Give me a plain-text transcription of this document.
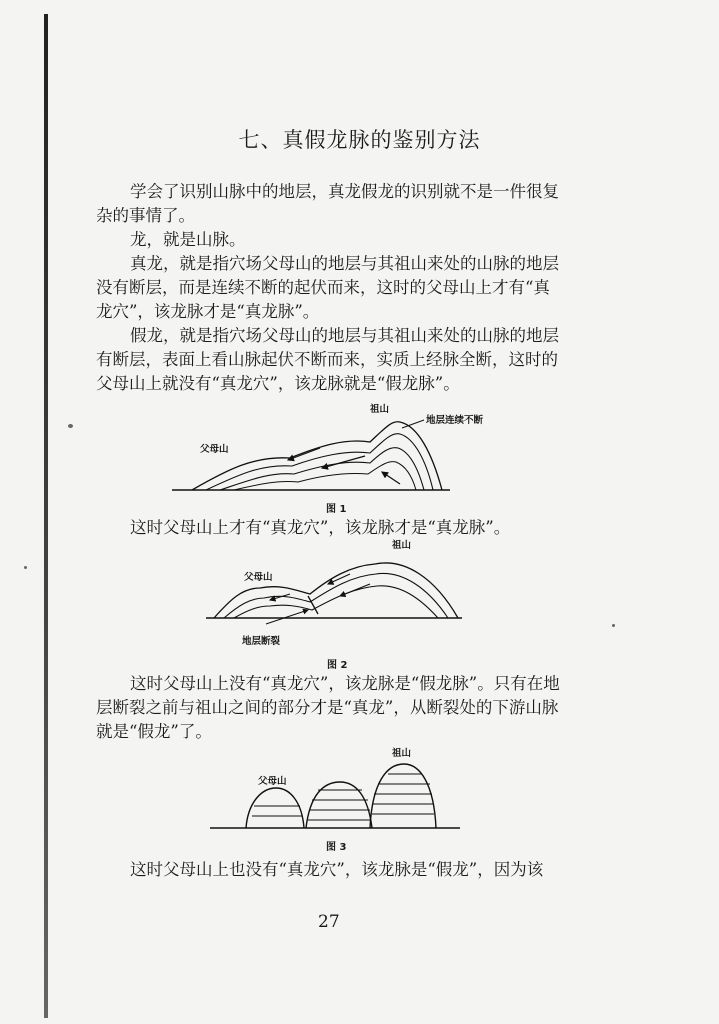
七、真假龙脉的鉴别方法

学会了识别山脉中的地层，真龙假龙的识别就不是一件很复杂的事情了。

龙，就是山脉。

真龙，就是指穴场父母山的地层与其祖山来处的山脉的地层没有断层，而是连续不断的起伏而来，这时的父母山上才有“真龙穴”，该龙脉才是“真龙脉”。

假龙，就是指穴场父母山的地层与其祖山来处的山脉的地层有断层，表面上看山脉起伏不断而来，实质上经脉全断，这时的父母山上就没有“真龙穴”，该龙脉就是“假龙脉”。

祖山
父母山
地层连续不断
图 1

这时父母山上才有“真龙穴”，该龙脉才是“真龙脉”。

祖山
父母山
地层断裂
图 2

这时父母山上没有“真龙穴”，该龙脉是“假龙脉”。只有在地层断裂之前与祖山之间的部分才是“真龙”，从断裂处的下游山脉就是“假龙”了。

祖山
父母山
图 3

这时父母山上也没有“真龙穴”，该龙脉是“假龙”，因为该

27
